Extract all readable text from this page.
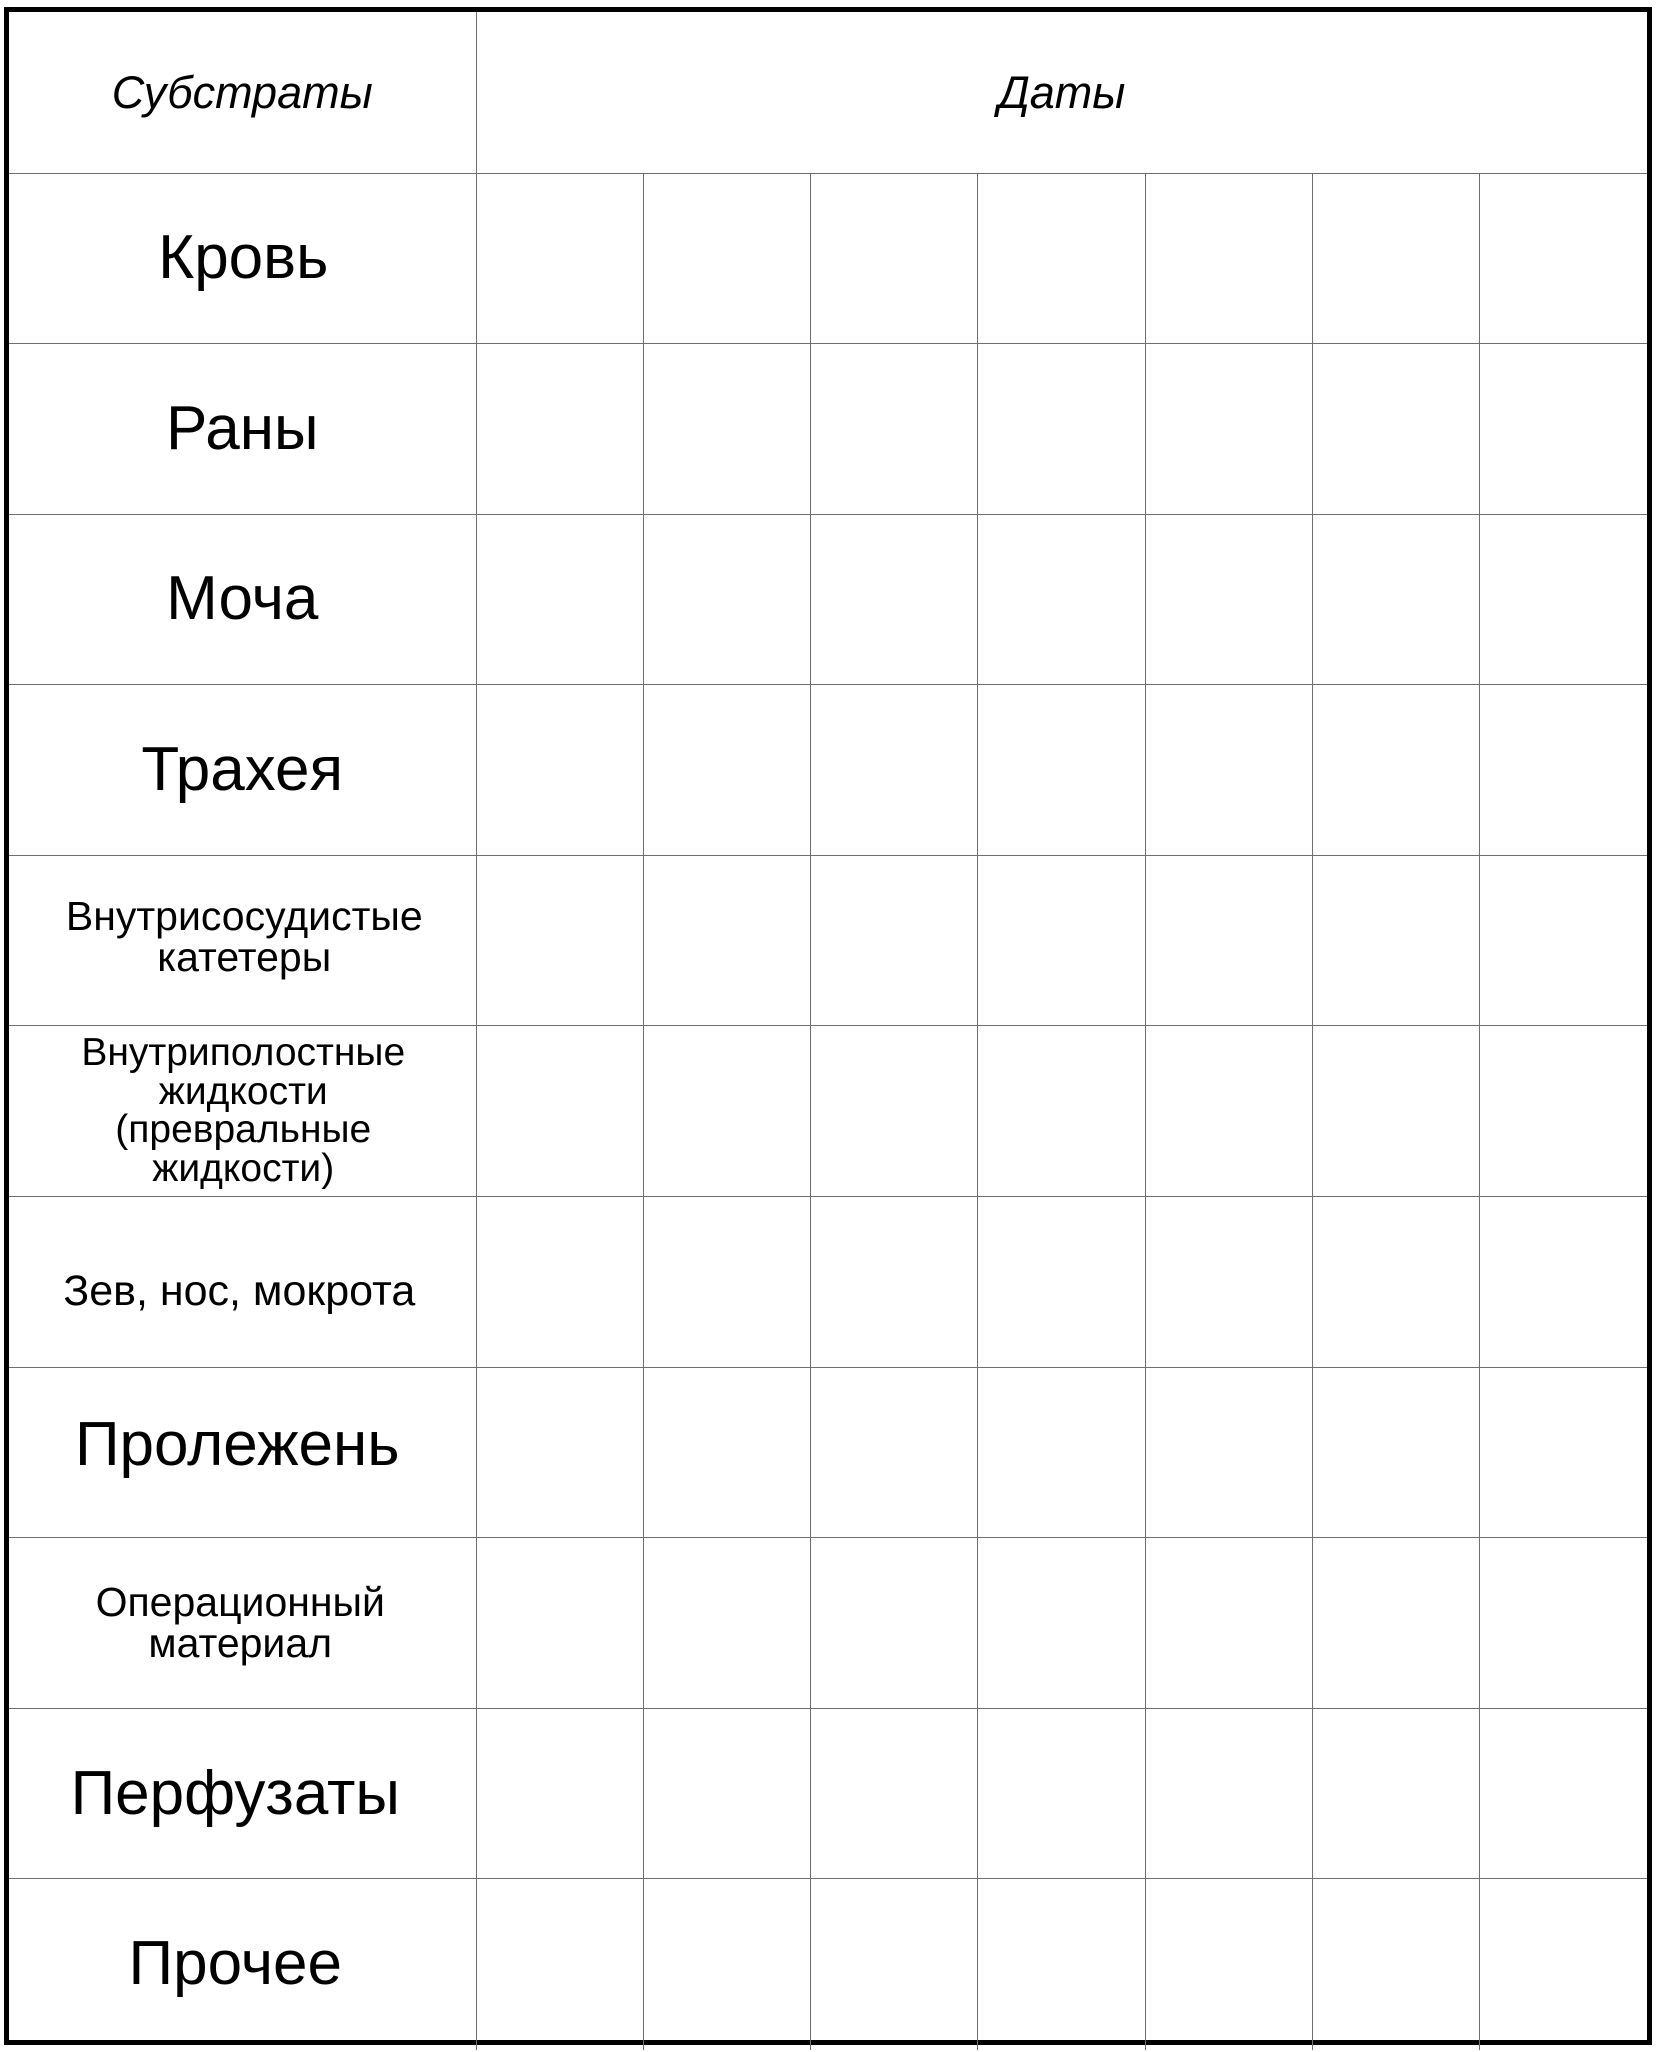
Субстраты	Даты						
Кровь							
Раны							
Моча							
Трахея							

Внутрисосудистые
катетеры							

Внутриполостные
жидкости
(превральные
жидкости)							

Зев, нос, мокрота							
Пролежень							

Операционный
материал							

Перфузаты							
Прочее							
